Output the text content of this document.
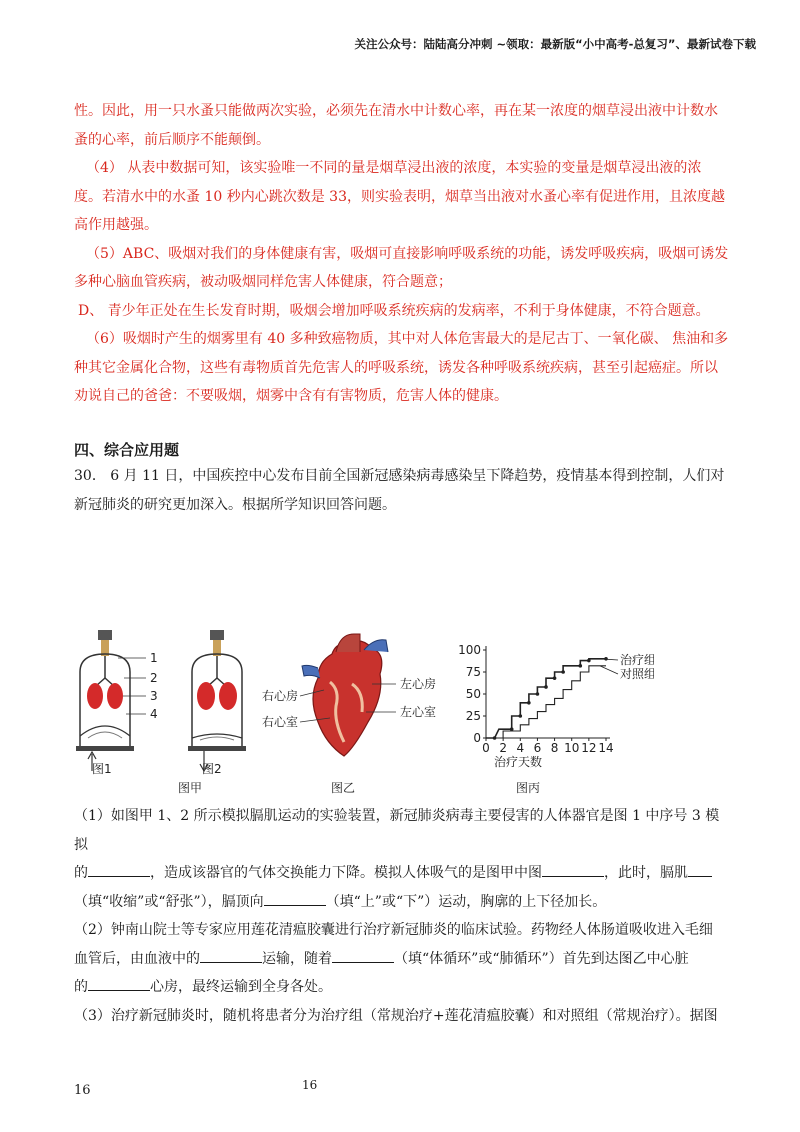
关注公众号：陆陆高分冲刺 ~领取：最新版“小中高考-总复习”、最新试卷下载

性。因此，用一只水蚤只能做两次实验，必须先在清水中计数心率，再在某一浓度的烟草浸出液中计数水

蚤的心率，前后顺序不能颠倒。

（4） 从表中数据可知，该实验唯一不同的量是烟草浸出液的浓度，本实验的变量是烟草浸出液的浓

度。若清水中的水蚤 10 秒内心跳次数是 33，则实验表明，烟草当出液对水蚤心率有促进作用，且浓度越

高作用越强。

（5）ABC、吸烟对我们的身体健康有害，吸烟可直接影响呼吸系统的功能，诱发呼吸疾病，吸烟可诱发

多种心脑血管疾病，被动吸烟同样危害人体健康，符合题意；

D、 青少年正处在生长发育时期，吸烟会增加呼吸系统疾病的发病率，不利于身体健康，不符合题意。

（6）吸烟时产生的烟雾里有 40 多种致癌物质，其中对人体危害最大的是尼古丁、一氧化碳、 焦油和多

种其它金属化合物，这些有毒物质首先危害人的呼吸系统，诱发各种呼吸系统疾病，甚至引起癌症。所以

劝说自己的爸爸：不要吸烟，烟雾中含有有害物质，危害人体的健康。

四、综合应用题

30． 6 月 11 日，中国疾控中心发布目前全国新冠感染病毒感染呈下降趋势，疫情基本得到控制，人们对

新冠肺炎的研究更加深入。根据所学知识回答问题。

1
2
3
4
图1	图2
图甲
右心房
右心室
左心房
左心室
图乙
治疗天数
图丙
0
25
50
75
100
0 2 4 6 8 10 12 14
治疗组
对照组

（1）如图甲 1、2 所示模拟膈肌运动的实验装置，新冠肺炎病毒主要侵害的人体器官是图 1 中序号 3 模拟

的	，造成该器官的气体交换能力下降。模拟人体吸气的是图甲中图	，此时，膈肌

（填“收缩”或“舒张”），膈顶向	（填“上”或“下”）运动，胸廓的上下径加长。

（2）钟南山院士等专家应用莲花清瘟胶囊进行治疗新冠肺炎的临床试验。药物经人体肠道吸收进入毛细

血管后，由血液中的	运输，随着	（填“体循环”或“肺循环”）首先到达图乙中心脏

的	心房，最终运输到全身各处。

（3）治疗新冠肺炎时，随机将患者分为治疗组（常规治疗+莲花清瘟胶囊）和对照组（常规治疗）。据图

16	16
